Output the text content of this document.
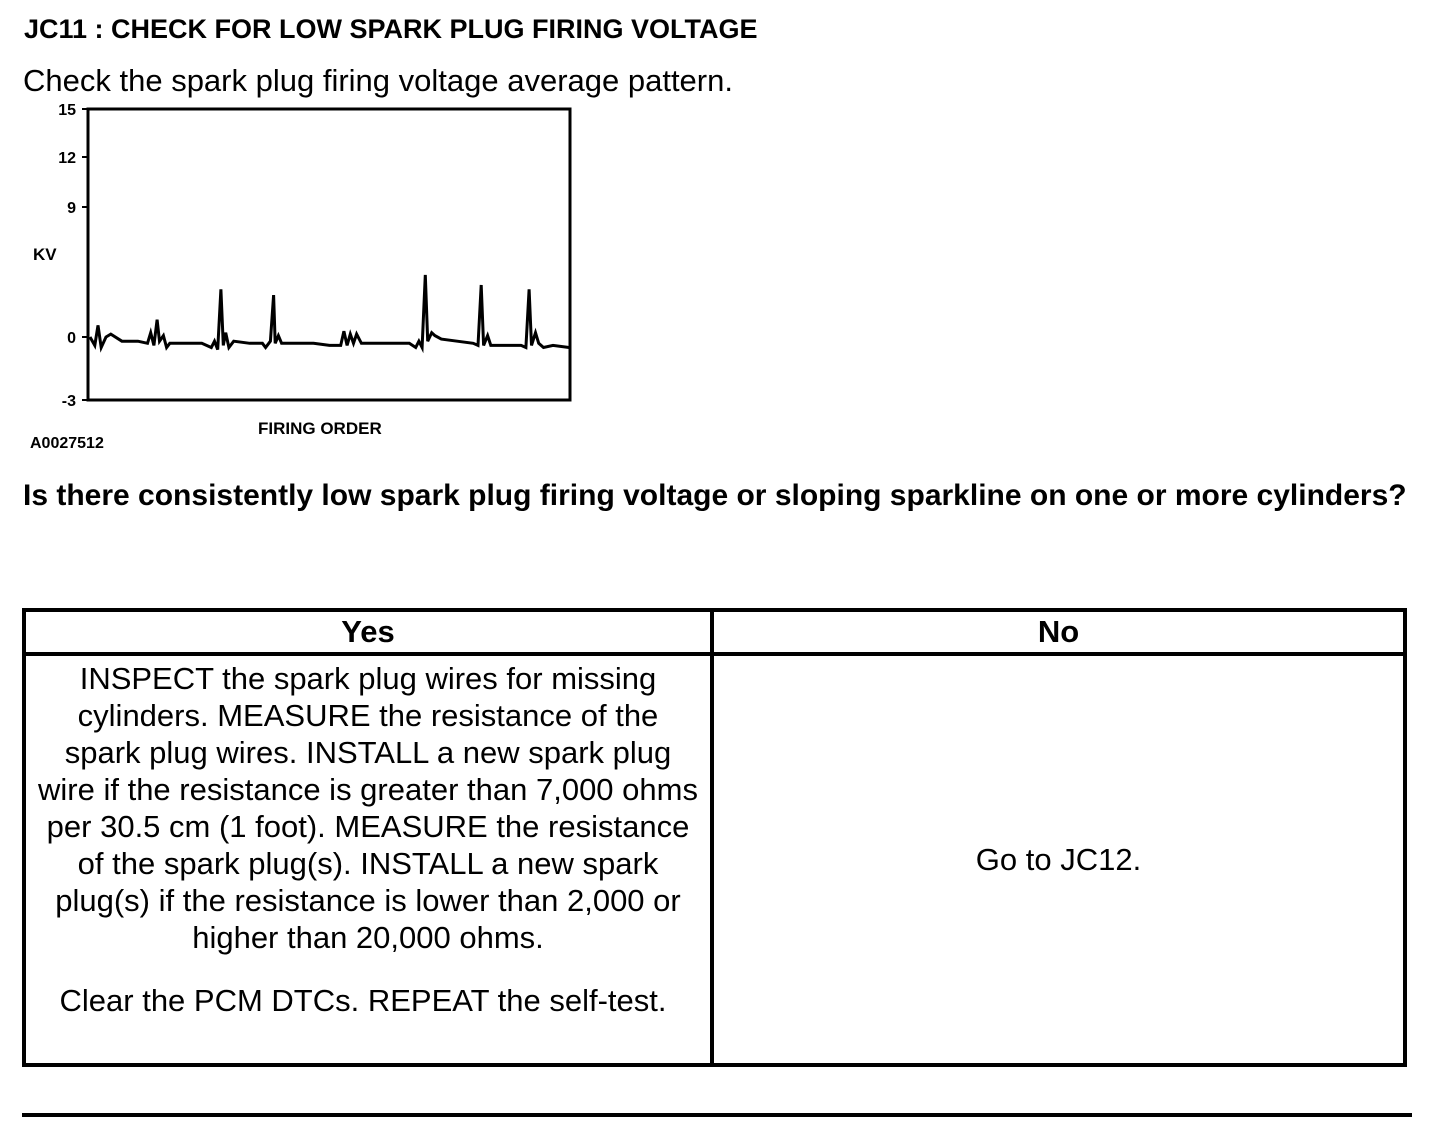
JC11 : CHECK FOR LOW SPARK PLUG FIRING VOLTAGE
Check the spark plug firing voltage average pattern.
15
12
9
0
-3
KV
FIRING ORDER
A0027512
Is there consistently low spark plug firing voltage or sloping sparkline on one or more cylinders?
Yes	No

INSPECT the spark plug wires for missing cylinders. MEASURE the resistance of the spark plug wires. INSTALL a new spark plug wire if the resistance is greater than 7,000 ohms per 30.5 cm (1 foot). MEASURE the resistance of the spark plug(s). INSTALL a new spark plug(s) if the resistance is lower than 2,000 or higher than 20,000 ohms.

Clear the PCM DTCs. REPEAT the self-test.	Go to JC12.
